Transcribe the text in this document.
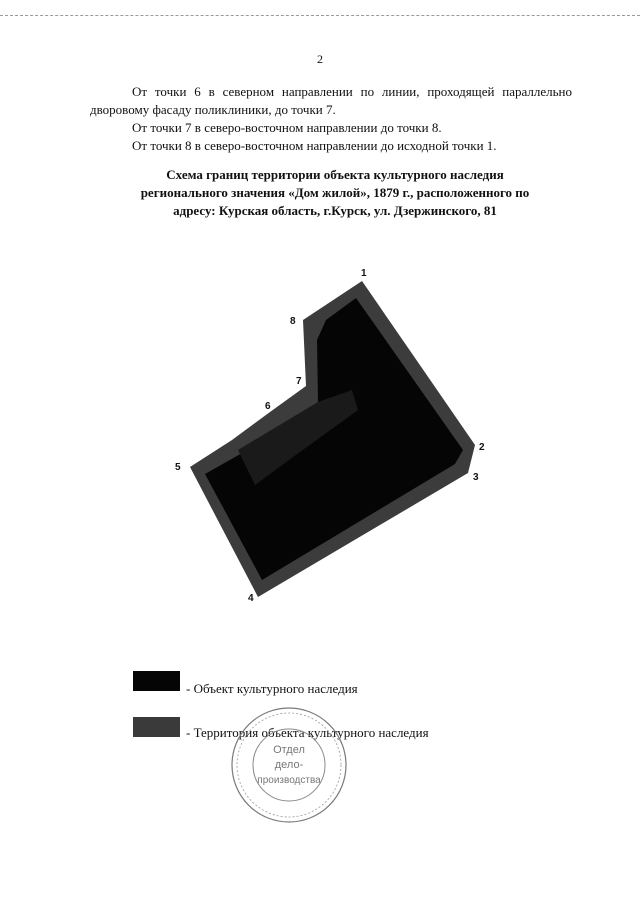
2

От точки 6 в северном направлении по линии, проходящей параллельно дворовому фасаду поликлиники, до точки 7.

От точки 7 в северо-восточном направлении до точки 8.

От точки 8 в северо-восточном направлении до исходной точки 1.

Схема границ территории объекта культурного наследия
регионального значения «Дом жилой», 1879 г., расположенного по
адресу: Курская область, г.Курск, ул. Дзержинского, 81
1
2
3
4
5
6
7
8
- Объект культурного наследия
- Территория объекта культурного наследия
Отдел
дело-
производства
